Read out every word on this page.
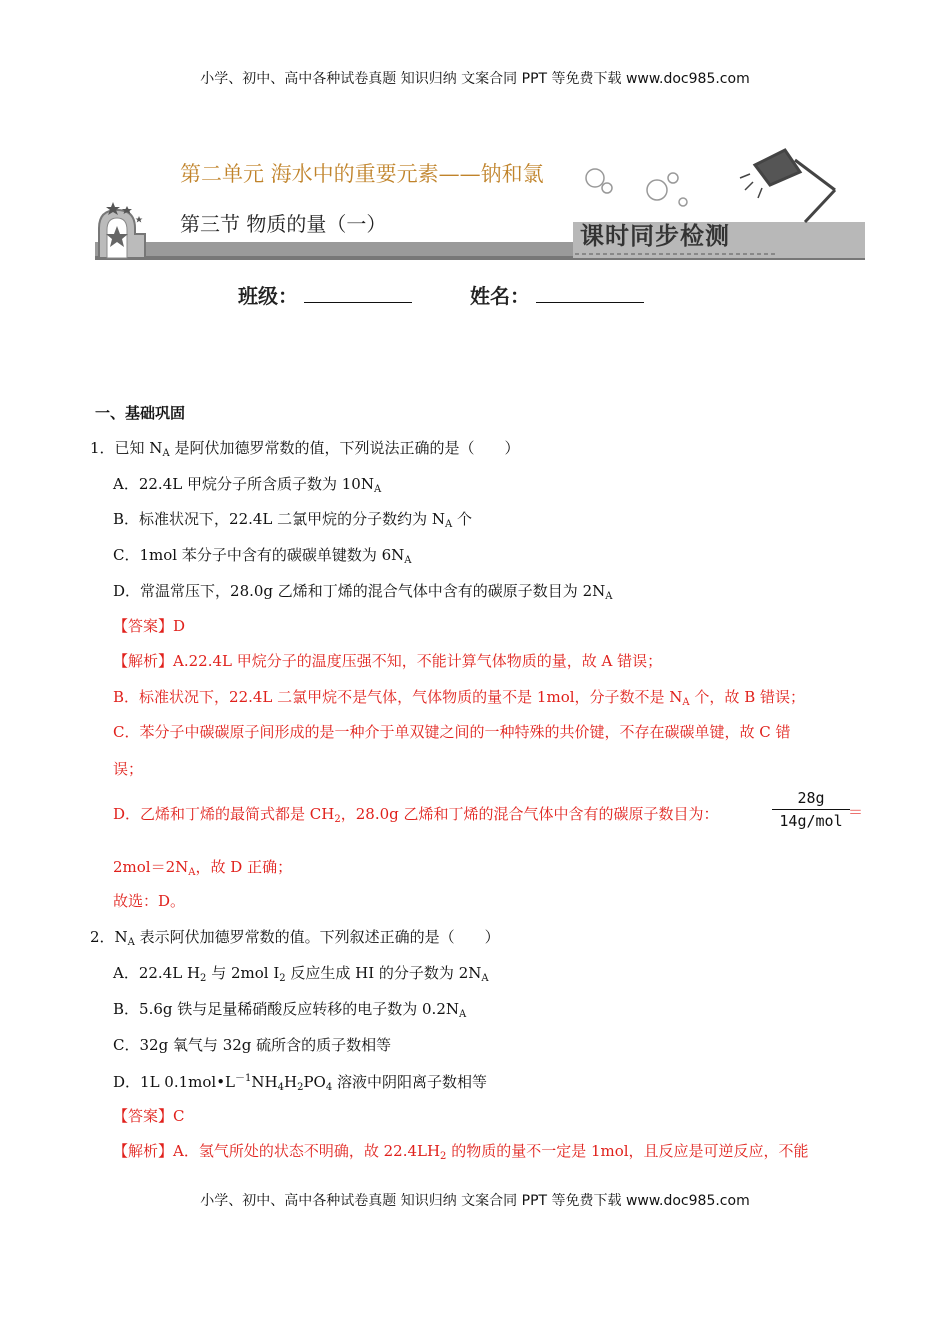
小学、初中、高中各种试卷真题 知识归纳 文案合同 PPT 等免费下载 www.doc985.com
第二单元 海水中的重要元素——钠和氯
第三节 物质的量（一）	课时同步检测
班级：	姓名：
一、基础巩固
1．已知 $N_A$ 是阿伏加德罗常数的值，下列说法正确的是（　　）
A．22.4L 甲烷分子所含质子数为 $10N_A$
B．标准状况下，22.4L 二氯甲烷的分子数约为 $N_A$ 个
C．1mol 苯分子中含有的碳碳单键数为 $6N_A$
D．常温常压下，28.0g 乙烯和丁烯的混合气体中含有的碳原子数目为 $2N_A$
【答案】D
【解析】A.22.4L 甲烷分子的温度压强不知，不能计算气体物质的量，故 A 错误；
B．标准状况下，22.4L 二氯甲烷不是气体，气体物质的量不是 1mol，分子数不是 $N_A$ 个，故 B 错误；
C．苯分子中碳碳原子间形成的是一种介于单双键之间的一种特殊的共价键，不存在碳碳单键，故 C 错
误；
D．乙烯和丁烯的最简式都是 $CH_2$，28.0g 乙烯和丁烯的混合气体中含有的碳原子数目为：
28g
14g/mol ＝
$2mol=2N_A$，故 D 正确；
故选：D。
2．$N_A$ 表示阿伏加德罗常数的值。下列叙述正确的是（　　）
A．22.4L $H_2$ 与 2mol $I_2$ 反应生成 HI 的分子数为 $2N_A$
B．5.6g 铁与足量稀硝酸反应转移的电子数为 $0.2N_A$
C．32g 氧气与 32g 硫所含的质子数相等
D．1L $0.1mol•L^{-1}NH_4H_2PO_4$ 溶液中阴阳离子数相等
【答案】C
【解析】A．氢气所处的状态不明确，故 $22.4LH_2$ 的物质的量不一定是 1mol，且反应是可逆反应，不能
小学、初中、高中各种试卷真题 知识归纳 文案合同 PPT 等免费下载 www.doc985.com
